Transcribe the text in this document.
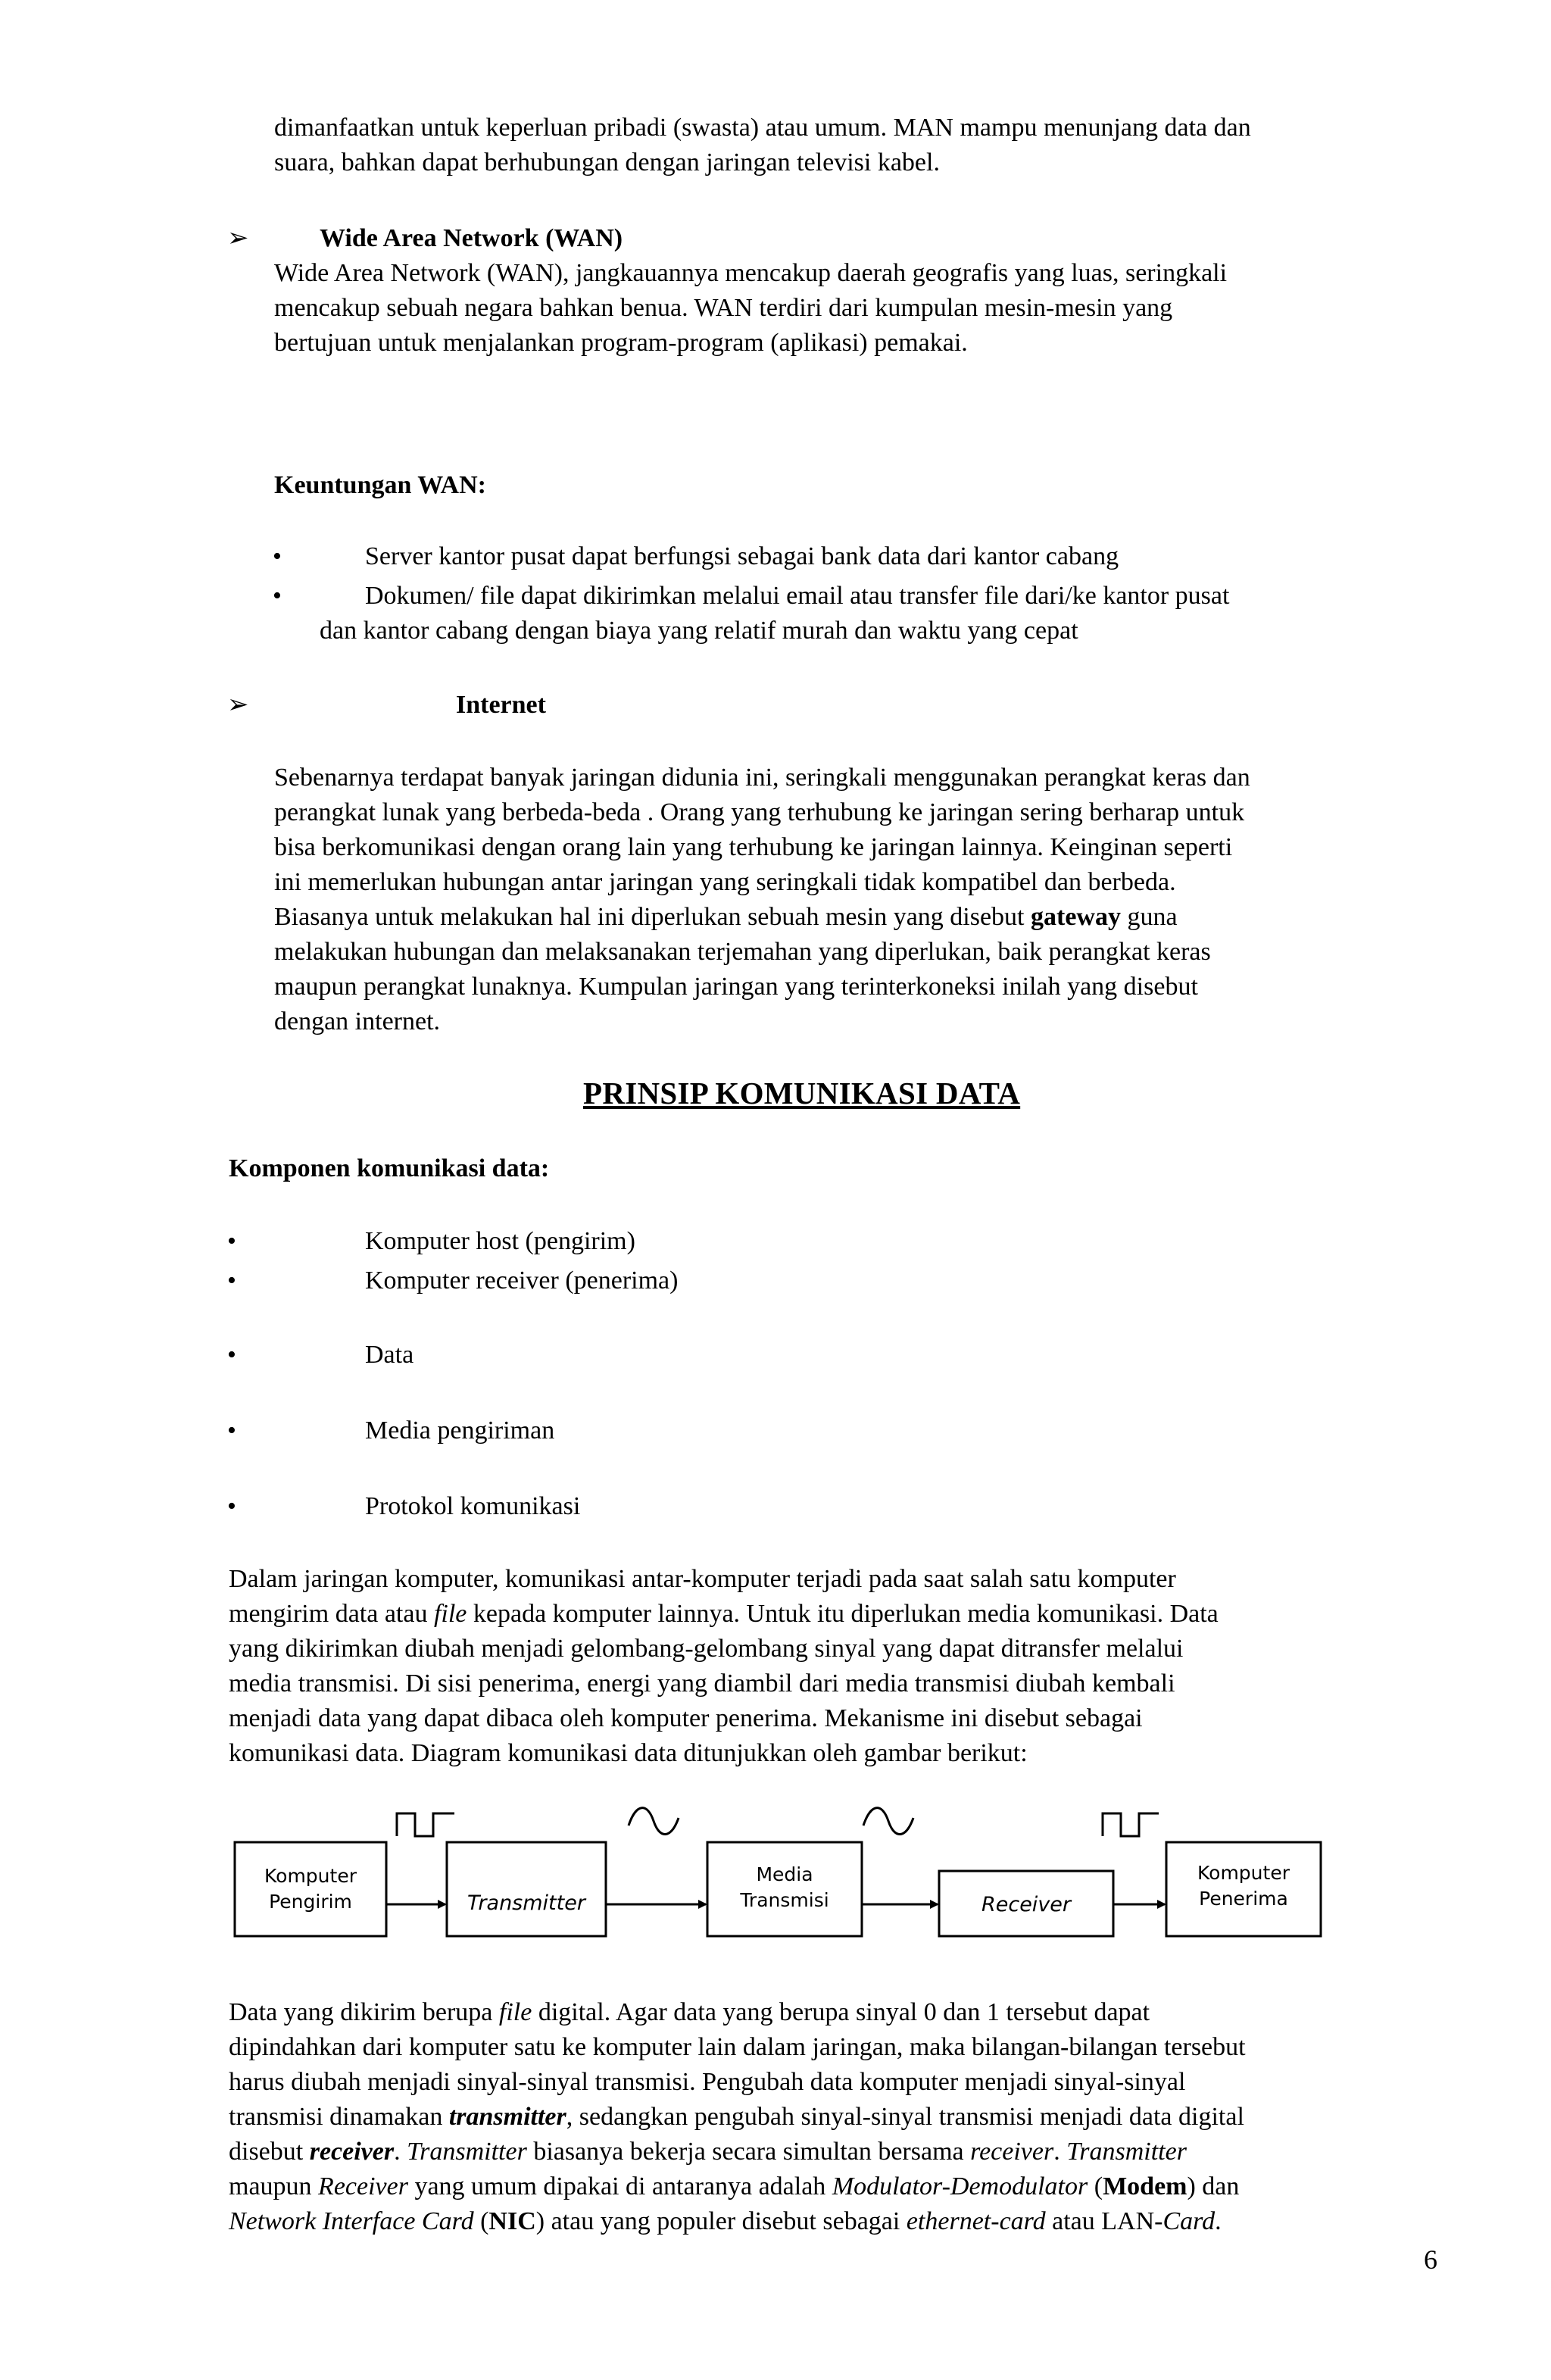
dimanfaatkan untuk keperluan pribadi (swasta) atau umum. MAN mampu menunjang data dan
suara, bahkan dapat berhubungan dengan jaringan televisi kabel.
➢	Wide Area Network (WAN)
Wide Area Network (WAN), jangkauannya mencakup daerah geografis yang luas, seringkali
mencakup sebuah negara bahkan benua. WAN terdiri dari kumpulan mesin-mesin yang
bertujuan untuk menjalankan program-program (aplikasi) pemakai.
Keuntungan WAN:
•	Server kantor pusat dapat berfungsi sebagai bank data dari kantor cabang
•	Dokumen/ file dapat dikirimkan melalui email atau transfer file dari/ke kantor pusat
dan kantor cabang dengan biaya yang relatif murah dan waktu yang cepat
➢	Internet
Sebenarnya terdapat banyak jaringan didunia ini, seringkali menggunakan perangkat keras dan
perangkat lunak yang berbeda-beda . Orang yang terhubung ke jaringan sering berharap untuk
bisa berkomunikasi dengan orang lain yang terhubung ke jaringan lainnya. Keinginan seperti
ini memerlukan hubungan antar jaringan yang seringkali tidak kompatibel dan berbeda.
Biasanya untuk melakukan hal ini diperlukan sebuah mesin yang disebut gateway guna
melakukan hubungan dan melaksanakan terjemahan yang diperlukan, baik perangkat keras
maupun perangkat lunaknya. Kumpulan jaringan yang terinterkoneksi inilah yang disebut
dengan internet.
PRINSIP KOMUNIKASI DATA
Komponen komunikasi data:
•	Komputer host (pengirim)
•	Komputer receiver (penerima)
•	Data
•	Media pengiriman
•	Protokol komunikasi
Dalam jaringan komputer, komunikasi antar-komputer terjadi pada saat salah satu komputer
mengirim data atau file kepada komputer lainnya. Untuk itu diperlukan media komunikasi. Data
yang dikirimkan diubah menjadi gelombang-gelombang sinyal yang dapat ditransfer melalui
media transmisi. Di sisi penerima, energi yang diambil dari media transmisi diubah kembali
menjadi data yang dapat dibaca oleh komputer penerima. Mekanisme ini disebut sebagai
komunikasi data. Diagram komunikasi data ditunjukkan oleh gambar berikut:
Komputer
Pengirim	Transmitter
Media
Transmisi	Receiver
Komputer
Penerima
Data yang dikirim berupa file digital. Agar data yang berupa sinyal 0 dan 1 tersebut dapat
dipindahkan dari komputer satu ke komputer lain dalam jaringan, maka bilangan-bilangan tersebut
harus diubah menjadi sinyal-sinyal transmisi. Pengubah data komputer menjadi sinyal-sinyal
transmisi dinamakan transmitter, sedangkan pengubah sinyal-sinyal transmisi menjadi data digital
disebut receiver. Transmitter biasanya bekerja secara simultan bersama receiver. Transmitter
maupun Receiver yang umum dipakai di antaranya adalah Modulator-Demodulator (Modem) dan
Network Interface Card (NIC) atau yang populer disebut sebagai ethernet-card atau LAN-Card.
6
